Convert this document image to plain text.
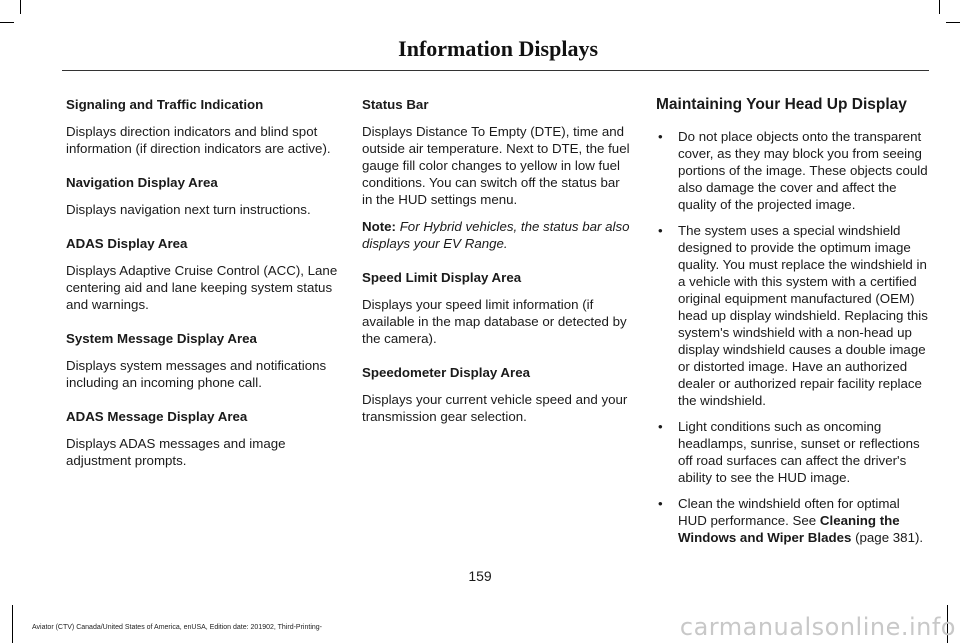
Information Displays
Signaling and Traffic Indication
Displays direction indicators and blind spot information (if direction indicators are active).
Navigation Display Area
Displays navigation next turn instructions.
ADAS Display Area
Displays Adaptive Cruise Control (ACC), Lane centering aid and lane keeping system status and warnings.
System Message Display Area
Displays system messages and notifications including an incoming phone call.
ADAS Message Display Area
Displays ADAS messages and image adjustment prompts.
Status Bar
Displays Distance To Empty (DTE), time and outside air temperature. Next to DTE, the fuel gauge fill color changes to yellow in low fuel conditions. You can switch off the status bar in the HUD settings menu.
Note: For Hybrid vehicles, the status bar also displays your EV Range.
Speed Limit Display Area
Displays your speed limit information (if available in the map database or detected by the camera).
Speedometer Display Area
Displays your current vehicle speed and your transmission gear selection.
Maintaining Your Head Up Display
• Do not place objects onto the transparent cover, as they may block you from seeing portions of the image. These objects could also damage the cover and affect the quality of the projected image.
• The system uses a special windshield designed to provide the optimum image quality. You must replace the windshield in a vehicle with this system with a certified original equipment manufactured (OEM) head up display windshield. Replacing this system's windshield with a non-head up display windshield causes a double image or distorted image. Have an authorized dealer or authorized repair facility replace the windshield.
• Light conditions such as oncoming headlamps, sunrise, sunset or reflections off road surfaces can affect the driver's ability to see the HUD image.
• Clean the windshield often for optimal HUD performance. See Cleaning the Windows and Wiper Blades (page 381).
159
Aviator (CTV) Canada/United States of America, enUSA, Edition date: 201902, Third-Printing-	carmanualsonline.info
